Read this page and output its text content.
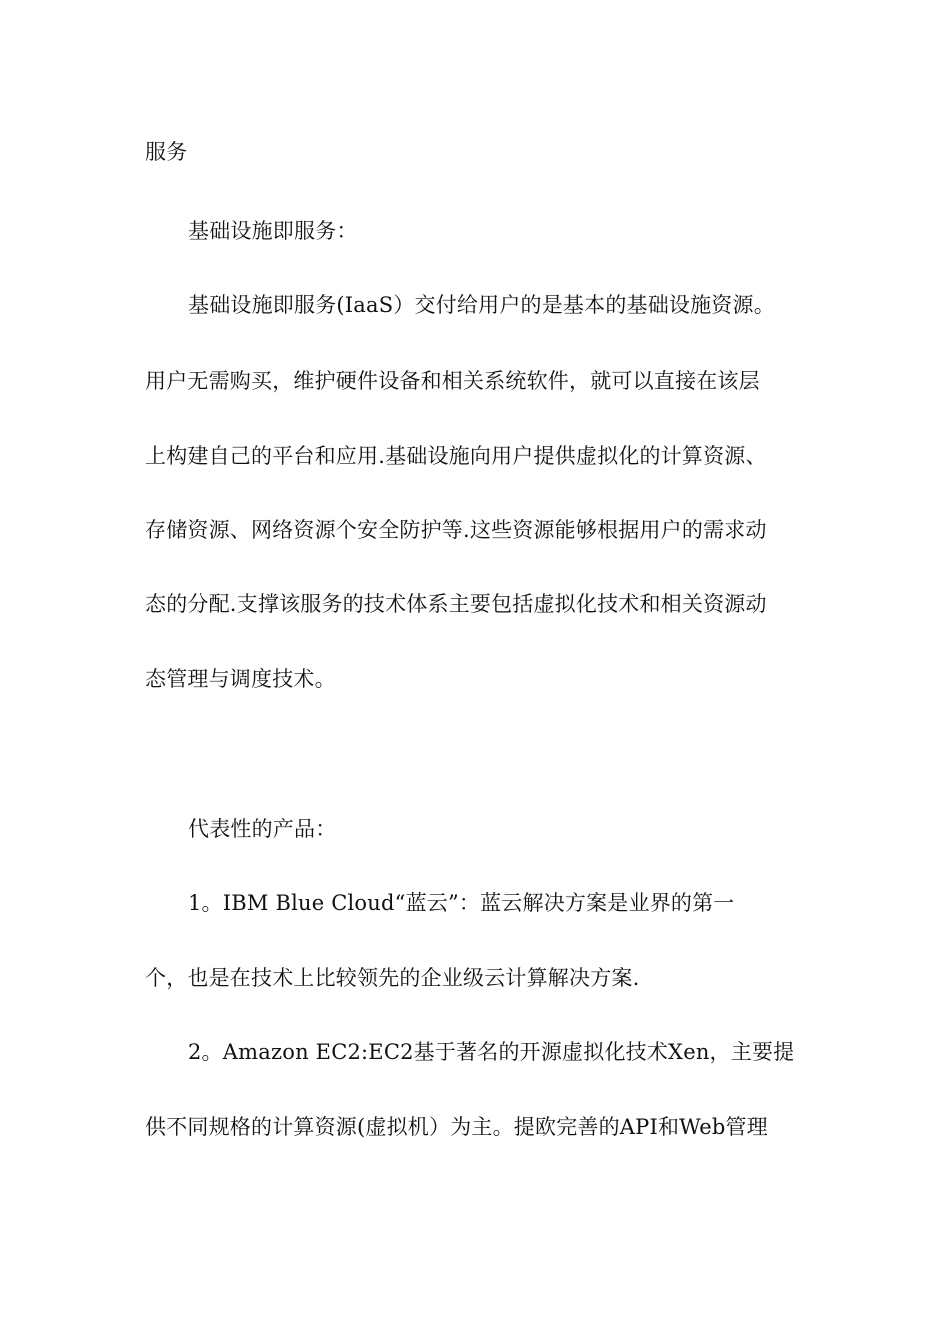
服务
基础设施即服务：
基础设施即服务(IaaS）交付给用户的是基本的基础设施资源。
用户无需购买，维护硬件设备和相关系统软件，就可以直接在该层
上构建自己的平台和应用.基础设施向用户提供虚拟化的计算资源、
存储资源、网络资源个安全防护等.这些资源能够根据用户的需求动
态的分配.支撑该服务的技术体系主要包括虚拟化技术和相关资源动
态管理与调度技术。
代表性的产品：
1。IBM Blue Cloud“蓝云”：蓝云解决方案是业界的第一
个，也是在技术上比较领先的企业级云计算解决方案.
2。Amazon EC2:EC2基于著名的开源虚拟化技术Xen，主要提
供不同规格的计算资源(虚拟机）为主。提欧完善的API和Web管理
